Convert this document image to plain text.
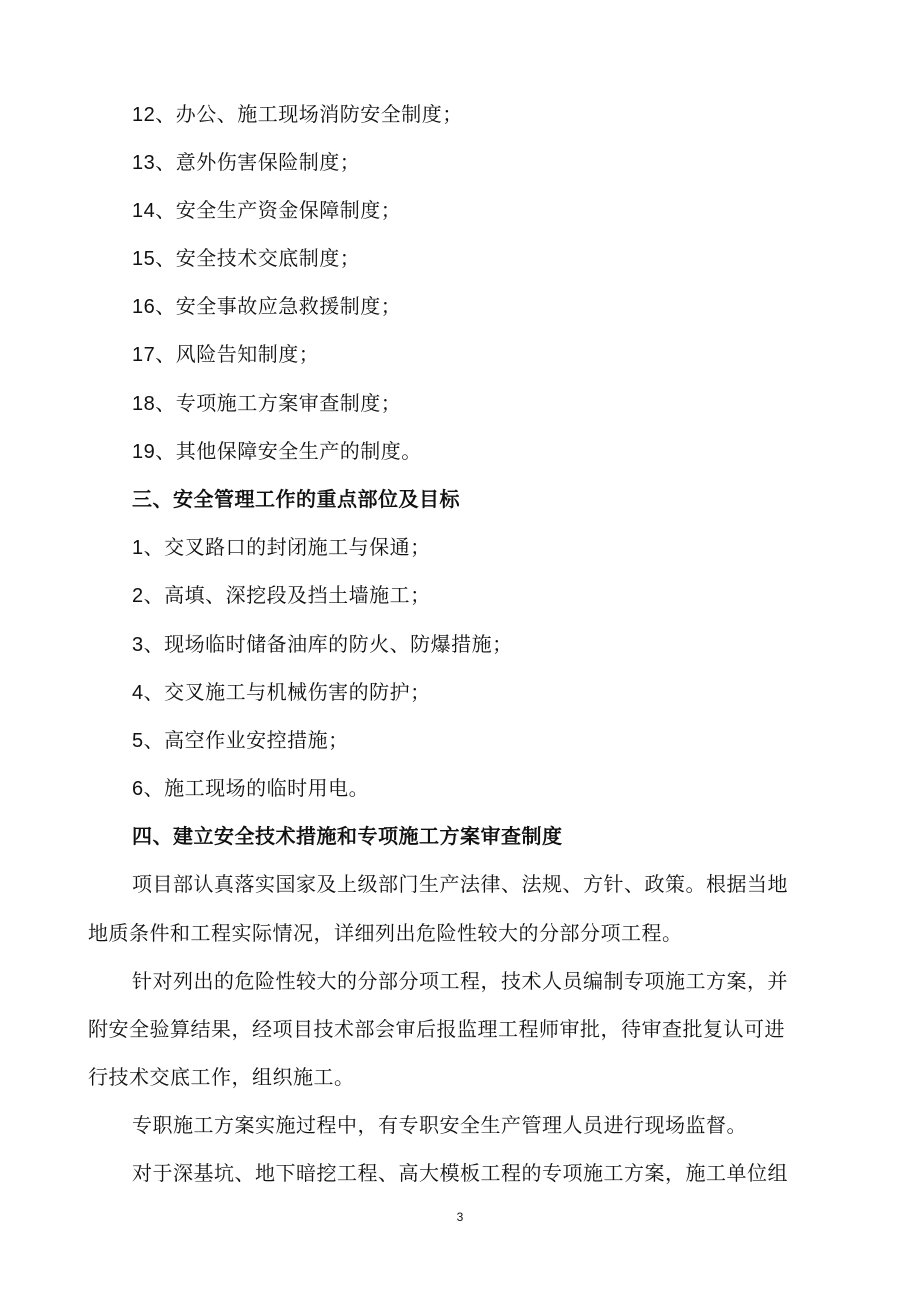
12、办公、施工现场消防安全制度；
13、意外伤害保险制度；
14、安全生产资金保障制度；
15、安全技术交底制度；
16、安全事故应急救援制度；
17、风险告知制度；
18、专项施工方案审查制度；
19、其他保障安全生产的制度。
三、安全管理工作的重点部位及目标
1、交叉路口的封闭施工与保通；
2、高填、深挖段及挡土墙施工；
3、现场临时储备油库的防火、防爆措施；
4、交叉施工与机械伤害的防护；
5、高空作业安控措施；
6、施工现场的临时用电。
四、建立安全技术措施和专项施工方案审查制度
项目部认真落实国家及上级部门生产法律、法规、方针、政策。根据当地
地质条件和工程实际情况，详细列出危险性较大的分部分项工程。
针对列出的危险性较大的分部分项工程，技术人员编制专项施工方案，并
附安全验算结果，经项目技术部会审后报监理工程师审批，待审查批复认可进
行技术交底工作，组织施工。
专职施工方案实施过程中，有专职安全生产管理人员进行现场监督。
对于深基坑、地下暗挖工程、高大模板工程的专项施工方案，施工单位组
3
